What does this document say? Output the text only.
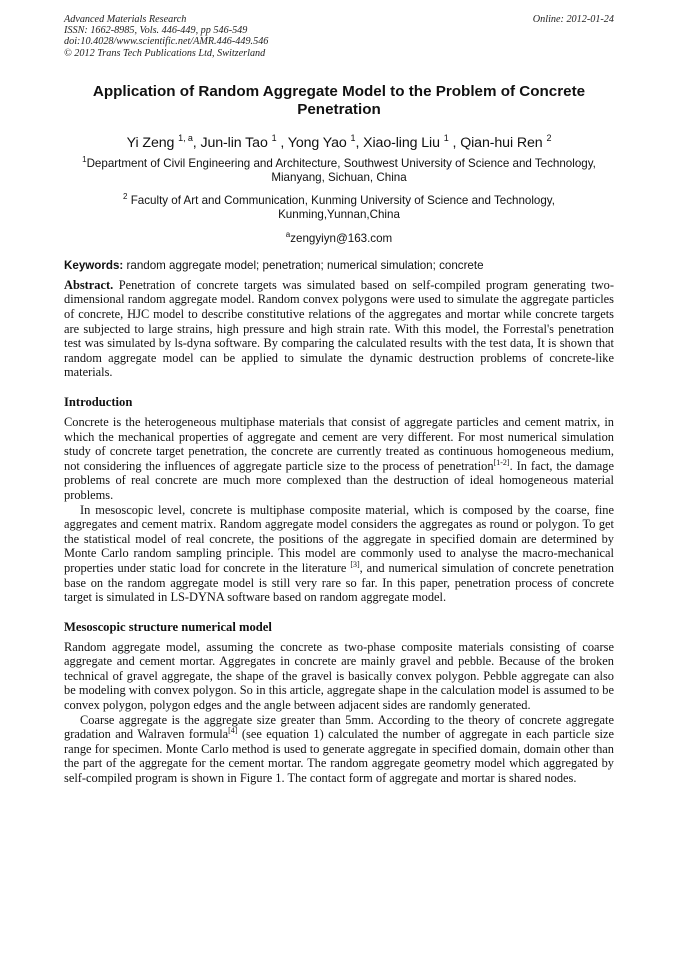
Advanced Materials Research
ISSN: 1662-8985, Vols. 446-449, pp 546-549
doi:10.4028/www.scientific.net/AMR.446-449.546
© 2012 Trans Tech Publications Ltd, Switzerland
Online: 2012-01-24
Application of Random Aggregate Model to the Problem of Concrete Penetration
Yi Zeng $^{1, a}$, Jun-lin Tao $^1$ , Yong Yao $^1$, Xiao-ling Liu $^1$ , Qian-hui Ren $^2$
$^1$Department of Civil Engineering and Architecture, Southwest University of Science and Technology, Mianyang, Sichuan, China
$^2$ Faculty of Art and Communication, Kunming University of Science and Technology, Kunming,Yunnan,China
$^a$zengyiyn@163.com
Keywords: random aggregate model; penetration; numerical simulation; concrete
Abstract. Penetration of concrete targets was simulated based on self-compiled program generating two-dimensional random aggregate model. Random convex polygons were used to simulate the aggregate particles of concrete, HJC model to describe constitutive relations of the aggregates and mortar while concrete targets are subjected to large strains, high pressure and high strain rate. With this model, the Forrestal's penetration test was simulated by ls-dyna software. By comparing the calculated results with the test data, It is shown that random aggregate model can be applied to simulate the dynamic destruction problems of concrete-like materials.
Introduction

Concrete is the heterogeneous multiphase materials that consist of aggregate particles and cement matrix, in which the mechanical properties of aggregate and cement are very different. For most numerical simulation study of concrete target penetration, the concrete are currently treated as continuous homogeneous medium, not considering the influences of aggregate particle size to the process of penetration[1-2]. In fact, the damage problems of real concrete are much more complexed than the destruction of ideal homogeneous material problems.

In mesoscopic level, concrete is multiphase composite material, which is composed by the coarse, fine aggregates and cement matrix. Random aggregate model considers the aggregates as round or polygon. To get the statistical model of real concrete, the positions of the aggregate in specified domain are determined by Monte Carlo random sampling principle. This model are commonly used to analyse the macro-mechanical properties under static load for concrete in the literature [3], and numerical simulation of concrete penetration base on the random aggregate model is still very rare so far. In this paper, penetration process of concrete target is simulated in LS-DYNA software based on random aggregate model.

Mesoscopic structure numerical model

Random aggregate model, assuming the concrete as two-phase composite materials consisting of coarse aggregate and cement mortar. Aggregates in concrete are mainly gravel and pebble. Because of the broken technical of gravel aggregate, the shape of the gravel is basically convex polygon. Pebble aggregate can also be modeling with convex polygon. So in this article, aggregate shape in the calculation model is assumed to be convex polygon, polygon edges and the angle between adjacent sides are randomly generated.

Coarse aggregate is the aggregate size greater than 5mm. According to the theory of concrete aggregate gradation and Walraven formula[4] (see equation 1) calculated the number of aggregate in each particle size range for specimen. Monte Carlo method is used to generate aggregate in specified domain, domain other than the part of the aggregate for the cement mortar. The random aggregate geometry model which aggregated by self-compiled program is shown in Figure 1. The contact form of aggregate and mortar is shared nodes.
